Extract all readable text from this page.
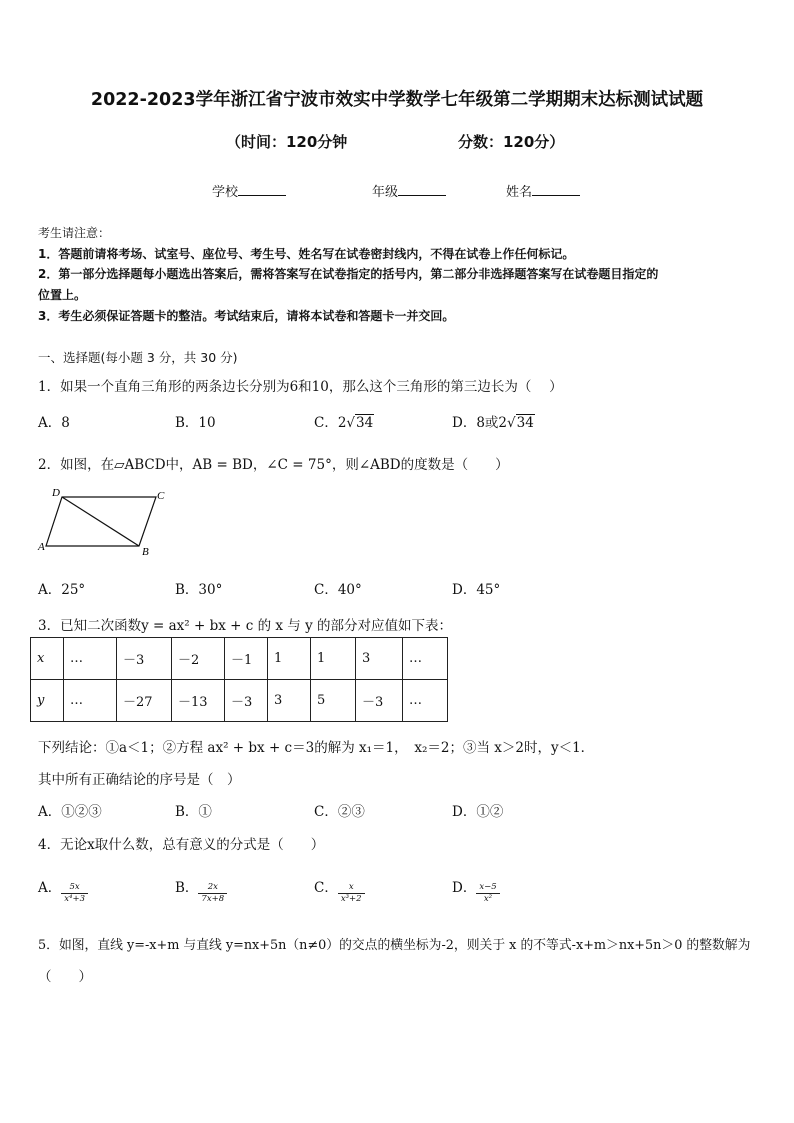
2022-2023学年浙江省宁波市效实中学数学七年级第二学期期末达标测试试题
（时间：120分钟	分数：120分）
学校	年级	姓名
考生请注意：
1．答题前请将考场、试室号、座位号、考生号、姓名写在试卷密封线内，不得在试卷上作任何标记。
2．第一部分选择题每小题选出答案后，需将答案写在试卷指定的括号内，第二部分非选择题答案写在试卷题目指定的
位置上。
3．考生必须保证答题卡的整洁。考试结束后，请将本试卷和答题卡一并交回。
一、选择题(每小题 3 分，共 30 分)
1．如果一个直角三角形的两条边长分别为6和10，那么这个三角形的第三边长为（　 ）
A．8	B．10	C．2√34	D．8或2√34
2．如图，在▱ABCD中，AB = BD，∠C = 75°，则∠ABD的度数是（　　）
D	C
A	B
A．25°	B．30°	C．40°	D．45°
3．已知二次函数y = ax² + bx + c 的 x 与 y 的部分对应值如下表：
x	…	－3	－2	－1	1	1	3	…
y	…	－27	－13	－3	3	5	－3	…
下列结论：①a＜1；②方程 ax² + bx + c＝3的解为 x₁＝1，　x₂＝2；③当 x＞2时，y＜1．
其中所有正确结论的序号是（　）
A．①②③	B．①	C．②③	D．①②
4．无论x取什么数，总有意义的分式是（　　）
A． $\frac{5x}{\text{x⁴+3}}$	B． $\frac{2x}{7x+8}$	C． $\frac{x}{\text{x³+2}}$	D． $\frac{x-5}{\text{x²}}$
5．如图，直线 y=-x+m 与直线 y=nx+5n（n≠0）的交点的横坐标为-2，则关于 x 的不等式-x+m＞nx+5n＞0 的整数解为
（　　）
